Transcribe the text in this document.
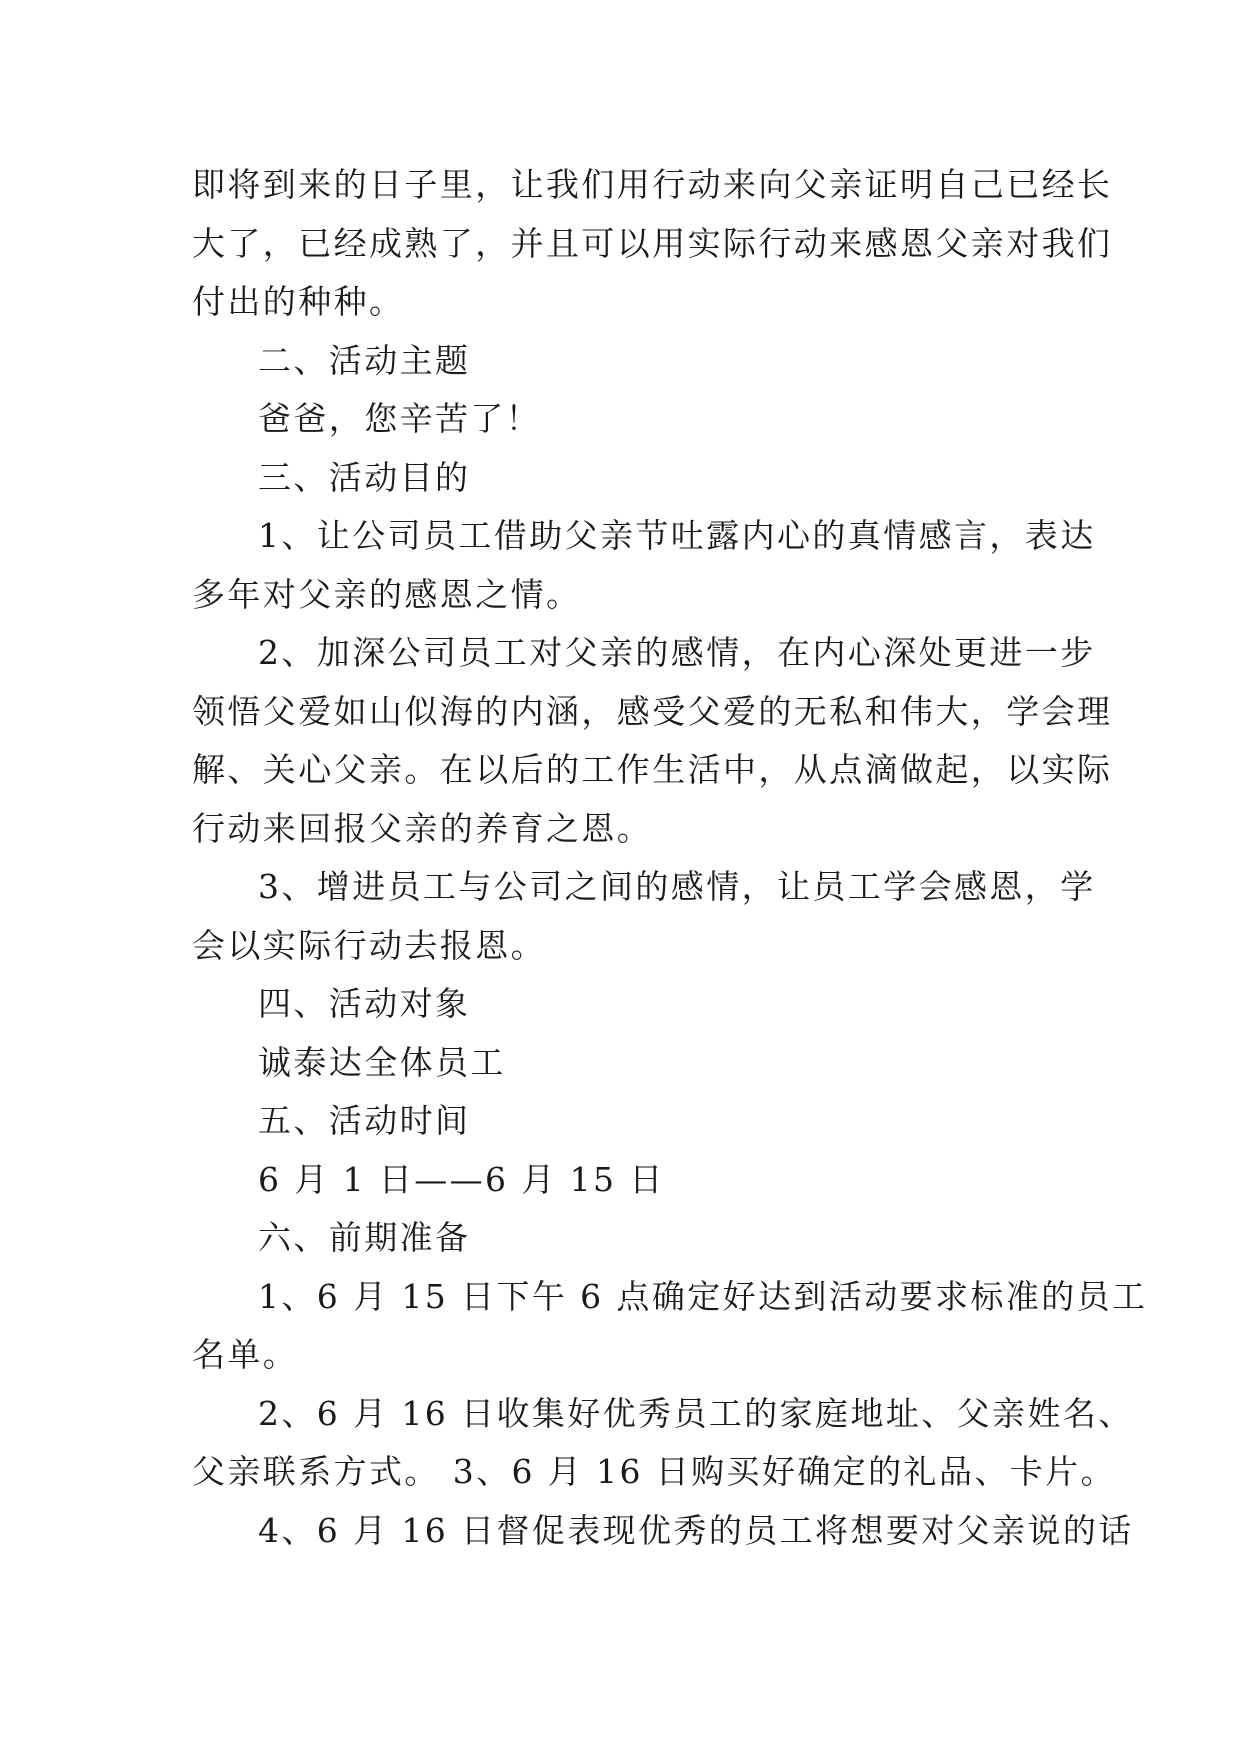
即将到来的日子里，让我们用行动来向父亲证明自己已经长
大了，已经成熟了，并且可以用实际行动来感恩父亲对我们
付出的种种。
二、活动主题
爸爸，您辛苦了！
三、活动目的
1、让公司员工借助父亲节吐露内心的真情感言，表达
多年对父亲的感恩之情。
2、加深公司员工对父亲的感情，在内心深处更进一步
领悟父爱如山似海的内涵，感受父爱的无私和伟大，学会理
解、关心父亲。在以后的工作生活中，从点滴做起，以实际
行动来回报父亲的养育之恩。
3、增进员工与公司之间的感情，让员工学会感恩，学
会以实际行动去报恩。
四、活动对象
诚泰达全体员工
五、活动时间
6 月 1 日——6 月 15 日
六、前期准备
1、6 月 15 日下午 6 点确定好达到活动要求标准的员工
名单。
2、6 月 16 日收集好优秀员工的家庭地址、父亲姓名、
父亲联系方式。 3、6 月 16 日购买好确定的礼品、卡片。
4、6 月 16 日督促表现优秀的员工将想要对父亲说的话
